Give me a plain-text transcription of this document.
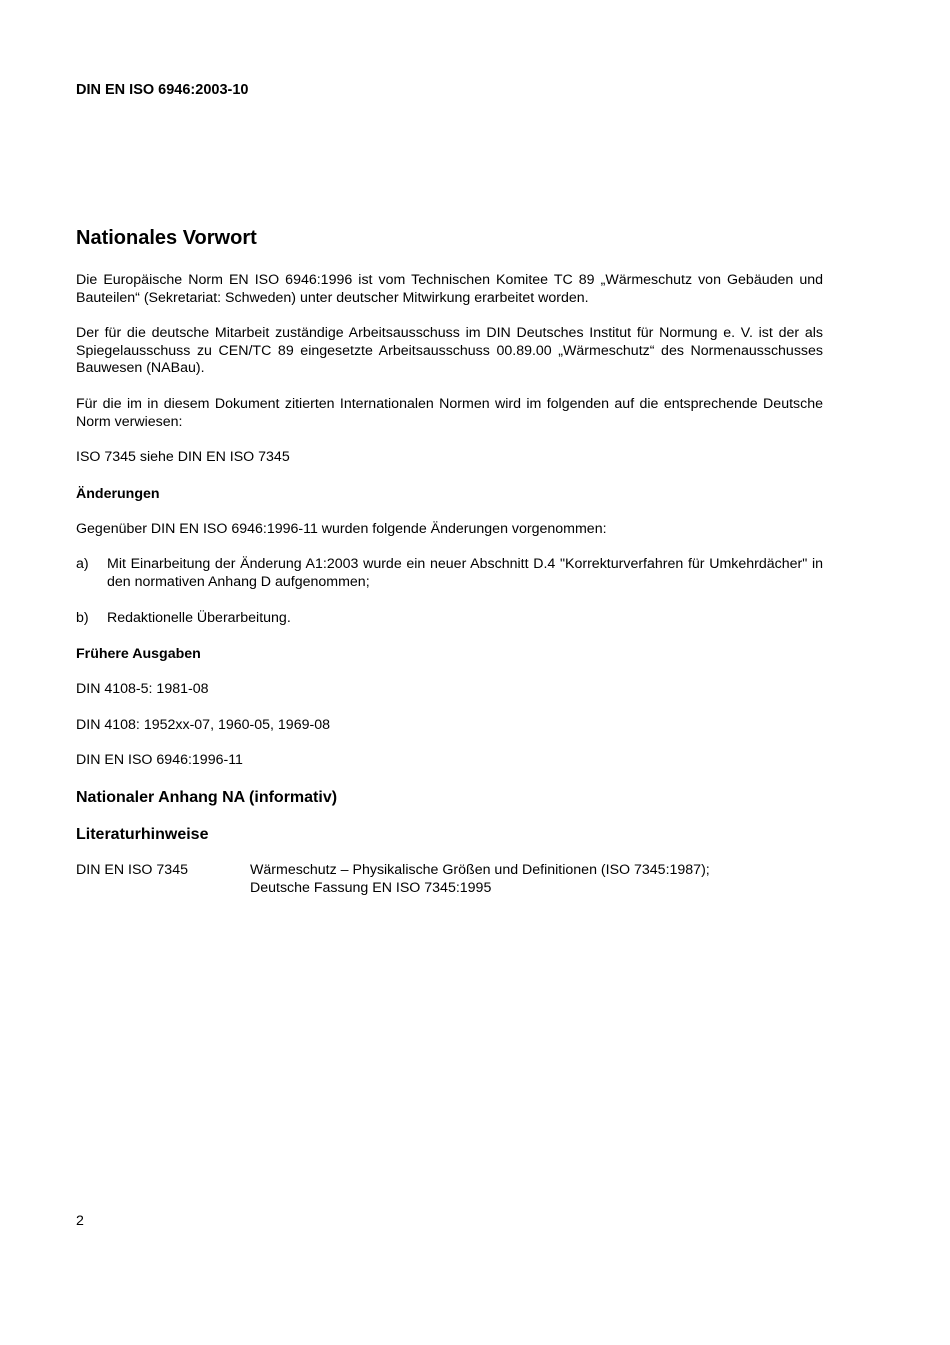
DIN EN ISO 6946:2003-10

Nationales Vorwort

Die Europäische Norm EN ISO 6946:1996 ist vom Technischen Komitee TC 89 „Wärmeschutz von Gebäuden und Bauteilen“ (Sekretariat: Schweden) unter deutscher Mitwirkung erarbeitet worden.

Der für die deutsche Mitarbeit zuständige Arbeitsausschuss im DIN Deutsches Institut für Normung e. V. ist der als Spiegelausschuss zu CEN/TC 89 eingesetzte Arbeitsausschuss 00.89.00 „Wärmeschutz“ des Normenausschusses Bauwesen (NABau).

Für die im in diesem Dokument zitierten Internationalen Normen wird im folgenden auf die entsprechende Deutsche Norm verwiesen:

ISO 7345 siehe DIN EN ISO 7345

Änderungen

Gegenüber DIN EN ISO 6946:1996-11 wurden folgende Änderungen vorgenommen:

a)	Mit Einarbeitung der Änderung A1:2003 wurde ein neuer Abschnitt D.4 "Korrekturverfahren für Umkehrdächer" in den normativen Anhang D aufgenommen;
b)	Redaktionelle Überarbeitung.
Frühere Ausgaben

DIN 4108-5: 1981-08

DIN 4108: 1952xx-07, 1960-05, 1969-08

DIN EN ISO 6946:1996-11

Nationaler Anhang NA (informativ)
Literaturhinweise
DIN EN ISO 7345	Wärmeschutz – Physikalische Größen und Definitionen (ISO 7345:1987);
Deutsche Fassung EN ISO 7345:1995
2
